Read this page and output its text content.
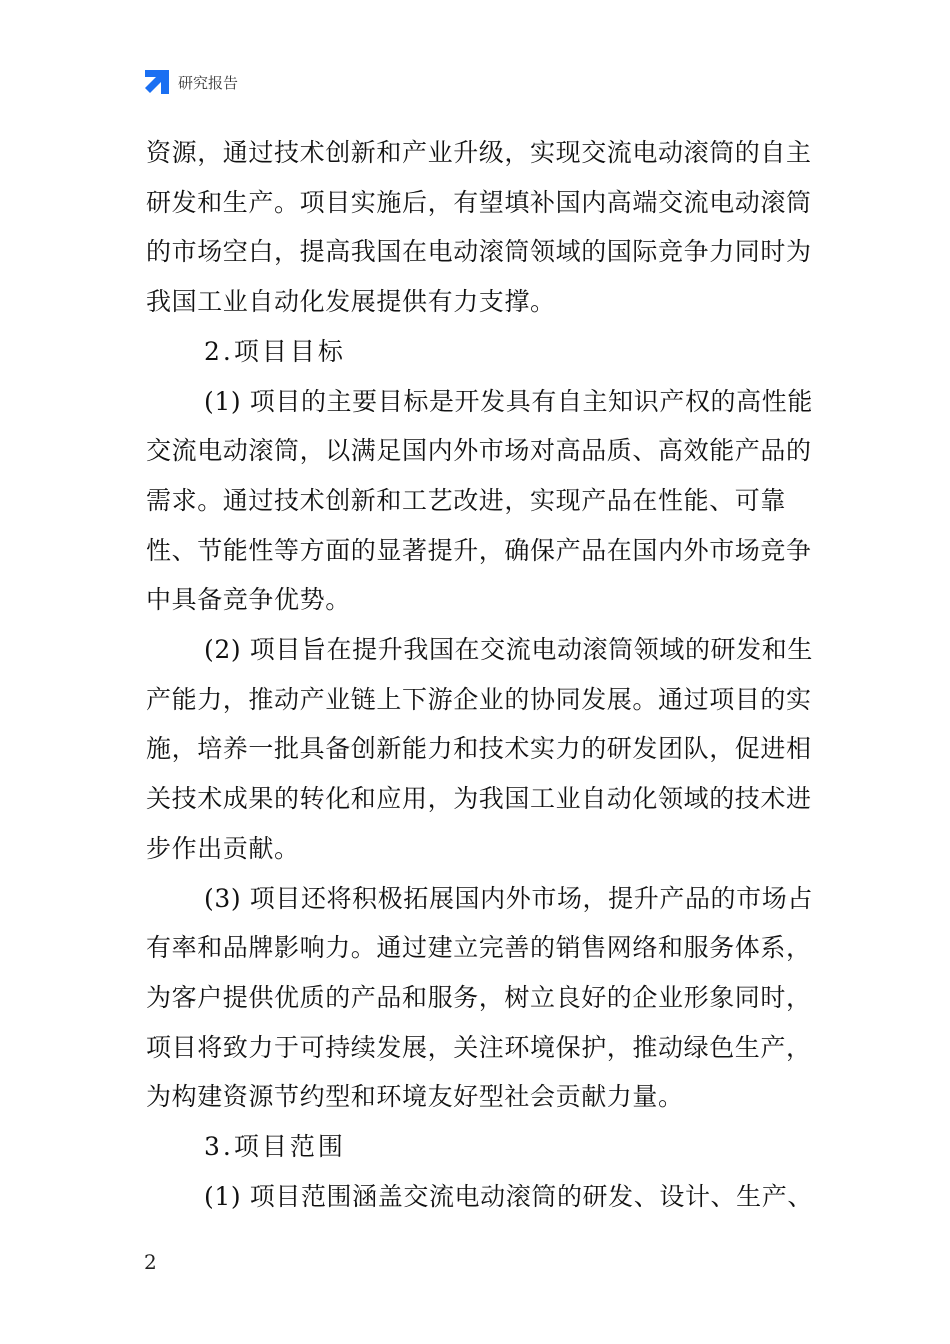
研究报告

资源，通过技术创新和产业升级，实现交流电动滚筒的自主研发和生产。项目实施后，有望填补国内高端交流电动滚筒的市场空白，提高我国在电动滚筒领域的国际竞争力同时为我国工业自动化发展提供有力支撑。

2.项目目标

(1) 项目的主要目标是开发具有自主知识产权的高性能交流电动滚筒，以满足国内外市场对高品质、高效能产品的需求。通过技术创新和工艺改进，实现产品在性能、可靠性、节能性等方面的显著提升，确保产品在国内外市场竞争中具备竞争优势。

(2) 项目旨在提升我国在交流电动滚筒领域的研发和生产能力，推动产业链上下游企业的协同发展。通过项目的实施，培养一批具备创新能力和技术实力的研发团队，促进相关技术成果的转化和应用，为我国工业自动化领域的技术进步作出贡献。

(3) 项目还将积极拓展国内外市场，提升产品的市场占有率和品牌影响力。通过建立完善的销售网络和服务体系，为客户提供优质的产品和服务，树立良好的企业形象同时，项目将致力于可持续发展，关注环境保护，推动绿色生产，为构建资源节约型和环境友好型社会贡献力量。

3.项目范围

(1) 项目范围涵盖交流电动滚筒的研发、设计、生产、

2
